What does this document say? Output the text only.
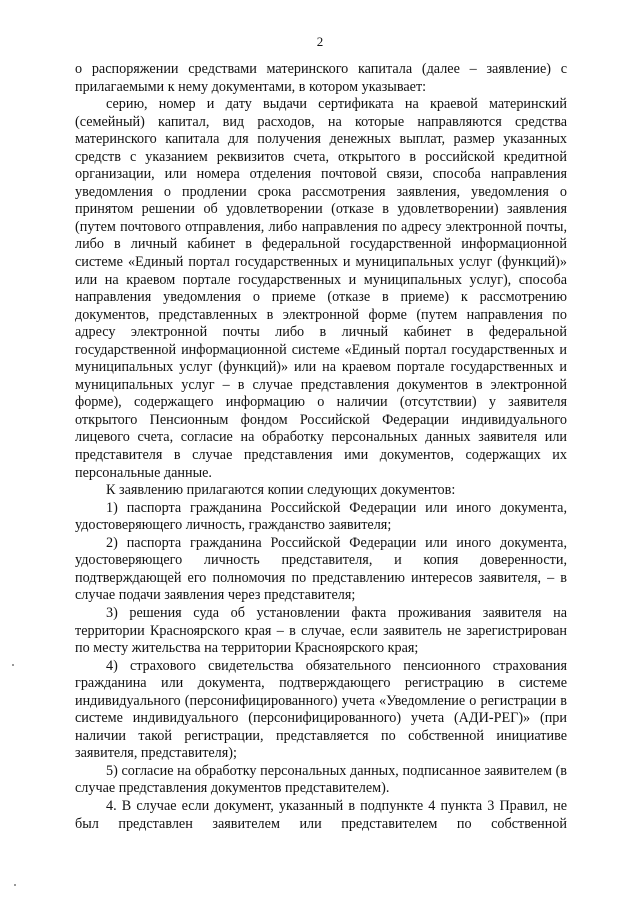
2

о распоряжении средствами материнского капитала (далее – заявление) с прилагаемыми к нему документами, в котором указывает:

серию, номер и дату выдачи сертификата на краевой материнский (семейный) капитал, вид расходов, на которые направляются средства материнского капитала для получения денежных выплат, размер указанных средств с указанием реквизитов счета, открытого в российской кредитной организации, или номера отделения почтовой связи, способа направления уведомления о продлении срока рассмотрения заявления, уведомления о принятом решении об удовлетворении (отказе в удовлетворении) заявления (путем почтового отправления, либо направления по адресу электронной почты, либо в личный кабинет в федеральной государственной информационной системе «Единый портал государственных и муниципальных услуг (функций)» или на краевом портале государственных и муниципальных услуг), способа направления уведомления о приеме (отказе в приеме) к рассмотрению документов, представленных в электронной форме (путем направления по адресу электронной почты либо в личный кабинет в федеральной государственной информационной системе «Единый портал государственных и муниципальных услуг (функций)» или на краевом портале государственных и муниципальных услуг – в случае представления документов в электронной форме), содержащего информацию о наличии (отсутствии) у заявителя открытого Пенсионным фондом Российской Федерации индивидуального лицевого счета, согласие на обработку персональных данных заявителя или представителя в случае представления ими документов, содержащих их персональные данные.

К заявлению прилагаются копии следующих документов:

1) паспорта гражданина Российской Федерации или иного документа, удостоверяющего личность, гражданство заявителя;

2) паспорта гражданина Российской Федерации или иного документа, удостоверяющего личность представителя, и копия доверенности, подтверждающей его полномочия по представлению интересов заявителя, – в случае подачи заявления через представителя;

3) решения суда об установлении факта проживания заявителя на территории Красноярского края – в случае, если заявитель не зарегистрирован по месту жительства на территории Красноярского края;

4) страхового свидетельства обязательного пенсионного страхования гражданина или документа, подтверждающего регистрацию в системе индивидуального (персонифицированного) учета «Уведомление о регистрации в системе индивидуального (персонифицированного) учета (АДИ-РЕГ)» (при наличии такой регистрации, представляется по собственной инициативе заявителя, представителя);

5) согласие на обработку персональных данных, подписанное заявителем (в случае представления документов представителем).

4. В случае если документ, указанный в подпункте 4 пункта 3 Правил, не был представлен заявителем или представителем по собственной
